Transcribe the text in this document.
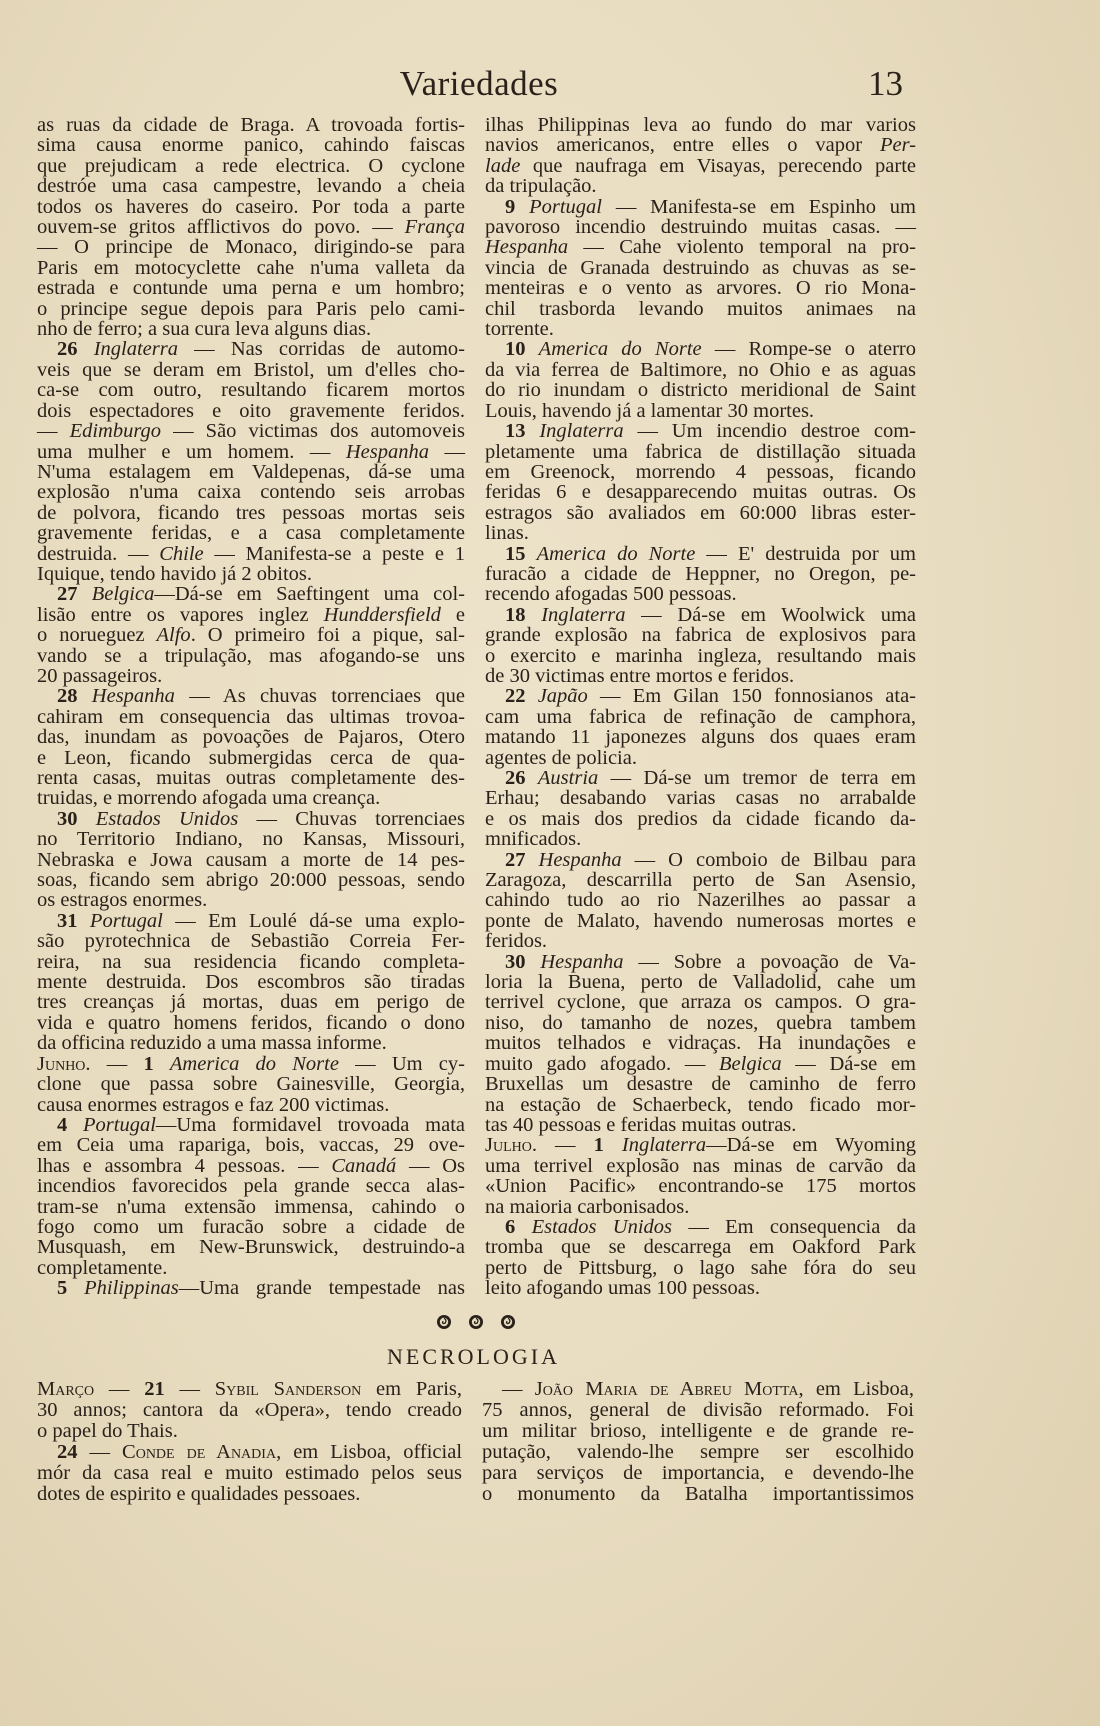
Variedades	13
as ruas da cidade de Braga. A trovoada fortis-
sima causa enorme panico, cahindo faiscas
que prejudicam a rede electrica. O cyclone
destróe uma casa campestre, levando a cheia
todos os haveres do caseiro. Por toda a parte
ouvem-se gritos afflictivos do povo. — França
— O principe de Monaco, dirigindo-se para
Paris em motocyclette cahe n'uma valleta da
estrada e contunde uma perna e um hombro;
o principe segue depois para Paris pelo cami-
nho de ferro; a sua cura leva alguns dias.
26 Inglaterra — Nas corridas de automo-
veis que se deram em Bristol, um d'elles cho-
ca-se com outro, resultando ficarem mortos
dois espectadores e oito gravemente feridos.
— Edimburgo — São victimas dos automoveis
uma mulher e um homem. — Hespanha —
N'uma estalagem em Valdepenas, dá-se uma
explosão n'uma caixa contendo seis arrobas
de polvora, ficando tres pessoas mortas seis
gravemente feridas, e a casa completamente
destruida. — Chile — Manifesta-se a peste e 1
Iquique, tendo havido já 2 obitos.
27 Belgica—Dá-se em Saeftingent uma col-
lisão entre os vapores inglez Hunddersfield e
o norueguez Alfo. O primeiro foi a pique, sal-
vando se a tripulação, mas afogando-se uns
20 passageiros.
28 Hespanha — As chuvas torrenciaes que
cahiram em consequencia das ultimas trovoa-
das, inundam as povoações de Pajaros, Otero
e Leon, ficando submergidas cerca de qua-
renta casas, muitas outras completamente des-
truidas, e morrendo afogada uma creança.
30 Estados Unidos — Chuvas torrenciaes
no Territorio Indiano, no Kansas, Missouri,
Nebraska e Jowa causam a morte de 14 pes-
soas, ficando sem abrigo 20:000 pessoas, sendo
os estragos enormes.
31 Portugal — Em Loulé dá-se uma explo-
são pyrotechnica de Sebastião Correia Fer-
reira, na sua residencia ficando completa-
mente destruida. Dos escombros são tiradas
tres creanças já mortas, duas em perigo de
vida e quatro homens feridos, ficando o dono
da officina reduzido a uma massa informe.
Junho. — 1 America do Norte — Um cy-
clone que passa sobre Gainesville, Georgia,
causa enormes estragos e faz 200 victimas.
4 Portugal—Uma formidavel trovoada mata
em Ceia uma rapariga, bois, vaccas, 29 ove-
lhas e assombra 4 pessoas. — Canadá — Os
incendios favorecidos pela grande secca alas-
tram-se n'uma extensão immensa, cahindo o
fogo como um furacão sobre a cidade de
Musquash, em New-Brunswick, destruindo-a
completamente.
5 Philippinas—Uma grande tempestade nas
ilhas Philippinas leva ao fundo do mar varios
navios americanos, entre elles o vapor Per-
lade que naufraga em Visayas, perecendo parte
da tripulação.
9 Portugal — Manifesta-se em Espinho um
pavoroso incendio destruindo muitas casas. —
Hespanha — Cahe violento temporal na pro-
vincia de Granada destruindo as chuvas as se-
menteiras e o vento as arvores. O rio Mona-
chil trasborda levando muitos animaes na
torrente.
10 America do Norte — Rompe-se o aterro
da via ferrea de Baltimore, no Ohio e as aguas
do rio inundam o districto meridional de Saint
Louis, havendo já a lamentar 30 mortes.
13 Inglaterra — Um incendio destroe com-
pletamente uma fabrica de distillação situada
em Greenock, morrendo 4 pessoas, ficando
feridas 6 e desapparecendo muitas outras. Os
estragos são avaliados em 60:000 libras ester-
linas.
15 America do Norte — E' destruida por um
furacão a cidade de Heppner, no Oregon, pe-
recendo afogadas 500 pessoas.
18 Inglaterra — Dá-se em Woolwick uma
grande explosão na fabrica de explosivos para
o exercito e marinha ingleza, resultando mais
de 30 victimas entre mortos e feridos.
22 Japão — Em Gilan 150 fonnosianos ata-
cam uma fabrica de refinação de camphora,
matando 11 japonezes alguns dos quaes eram
agentes de policia.
26 Austria — Dá-se um tremor de terra em
Erhau; desabando varias casas no arrabalde
e os mais dos predios da cidade ficando da-
mnificados.
27 Hespanha — O comboio de Bilbau para
Zaragoza, descarrilla perto de San Asensio,
cahindo tudo ao rio Nazerilhes ao passar a
ponte de Malato, havendo numerosas mortes e
feridos.
30 Hespanha — Sobre a povoação de Va-
loria la Buena, perto de Valladolid, cahe um
terrivel cyclone, que arraza os campos. O gra-
niso, do tamanho de nozes, quebra tambem
muitos telhados e vidraças. Ha inundações e
muito gado afogado. — Belgica — Dá-se em
Bruxellas um desastre de caminho de ferro
na estação de Schaerbeck, tendo ficado mor-
tas 40 pessoas e feridas muitas outras.
Julho. — 1 Inglaterra—Dá-se em Wyoming
uma terrivel explosão nas minas de carvão da
«Union Pacific» encontrando-se 175 mortos
na maioria carbonisados.
6 Estados Unidos — Em consequencia da
tromba que se descarrega em Oakford Park
perto de Pittsburg, o lago sahe fóra do seu
leito afogando umas 100 pessoas.
NECROLOGIA
Março — 21 — Sybil Sanderson em Paris,
30 annos; cantora da «Opera», tendo creado
o papel do Thais.
24 — Conde de Anadia, em Lisboa, official
mór da casa real e muito estimado pelos seus
dotes de espirito e qualidades pessoaes.
— João Maria de Abreu Motta, em Lisboa,
75 annos, general de divisão reformado. Foi
um militar brioso, intelligente e de grande re-
putação, valendo-lhe sempre ser escolhido
para serviços de importancia, e devendo-lhe
o monumento da Batalha importantissimos
